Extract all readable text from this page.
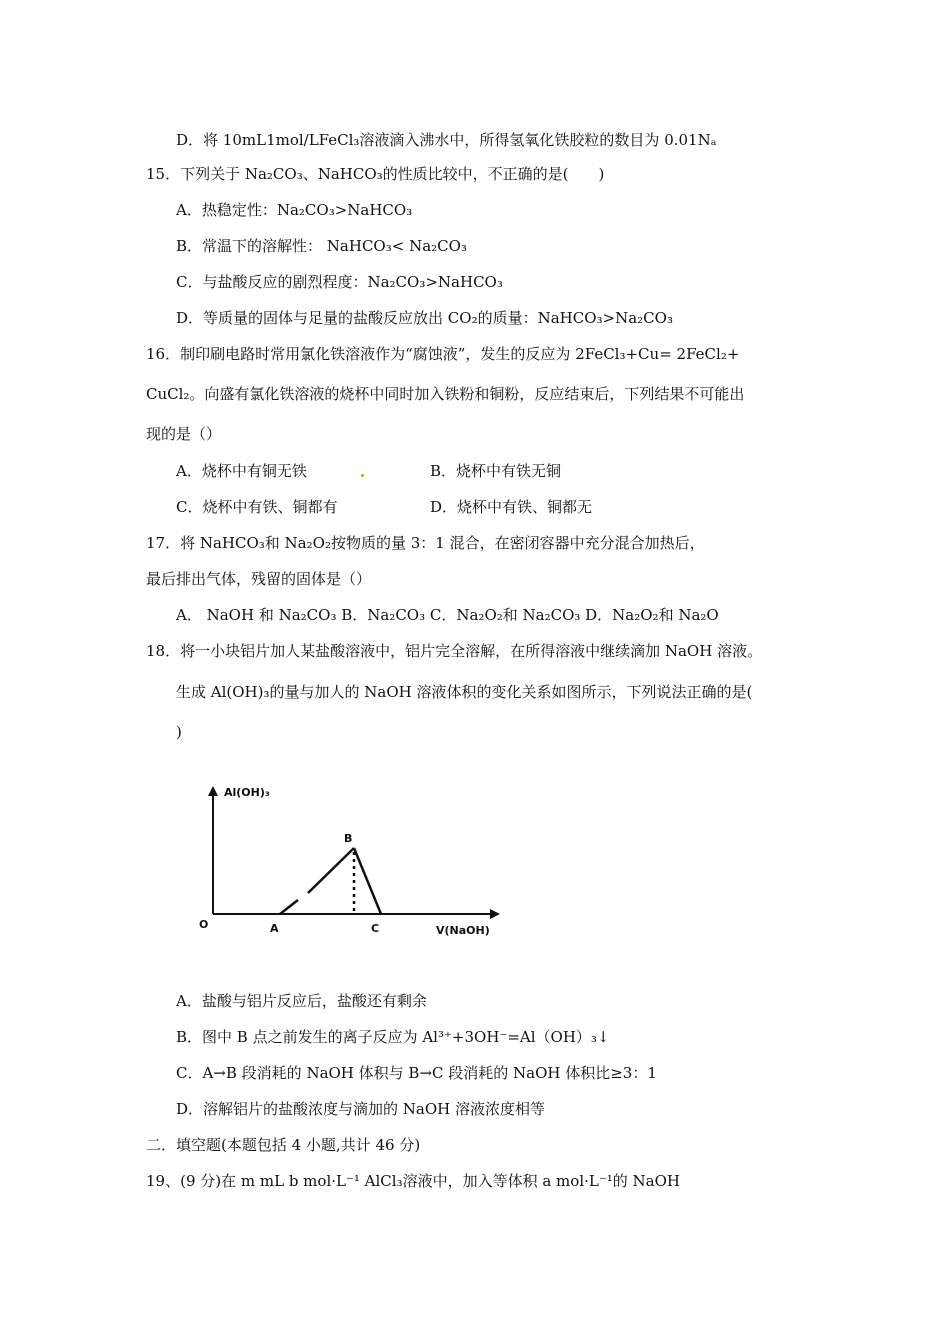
D．将 10mL1mol/LFeCl₃溶液滴入沸水中，所得氢氧化铁胶粒的数目为 0.01Nₐ
15．下列关于 Na₂CO₃、NaHCO₃的性质比较中，不正确的是(　　)
A．热稳定性：Na₂CO₃>NaHCO₃
B．常温下的溶解性： NaHCO₃< Na₂CO₃
C．与盐酸反应的剧烈程度：Na₂CO₃>NaHCO₃
D．等质量的固体与足量的盐酸反应放出 CO₂的质量：NaHCO₃>Na₂CO₃
16．制印刷电路时常用氯化铁溶液作为“腐蚀液”，发生的反应为 2FeCl₃+Cu= 2FeCl₂+
CuCl₂。向盛有氯化铁溶液的烧杯中同时加入铁粉和铜粉，反应结束后，下列结果不可能出
现的是（）
A．烧杯中有铜无铁	B．烧杯中有铁无铜
C．烧杯中有铁、铜都有	D．烧杯中有铁、铜都无
17．将 NaHCO₃和 Na₂O₂按物质的量 3：1 混合，在密闭容器中充分混合加热后，
最后排出气体，残留的固体是（）
A． NaOH 和 Na₂CO₃ B．Na₂CO₃ C．Na₂O₂和 Na₂CO₃ D．Na₂O₂和 Na₂O
18．将一小块铝片加人某盐酸溶液中，铝片完全溶解，在所得溶液中继续滴加 NaOH 溶液。
生成 Al(OH)₃的量与加人的 NaOH 溶液体积的变化关系如图所示，下列说法正确的是(
)
Al(OH)₃
B
O	A	C	V(NaOH)
A．盐酸与铝片反应后，盐酸还有剩余
B．图中 B 点之前发生的离子反应为 Al³⁺+3OH⁻=Al（OH）₃↓
C．A→B 段消耗的 NaOH 体积与 B→C 段消耗的 NaOH 体积比≥3：1
D．溶解铝片的盐酸浓度与滴加的 NaOH 溶液浓度相等
二．填空题(本题包括 4 小题,共计 46 分)
19、(9 分)在 m mL b mol·L⁻¹ AlCl₃溶液中，加入等体积 a mol·L⁻¹的 NaOH
